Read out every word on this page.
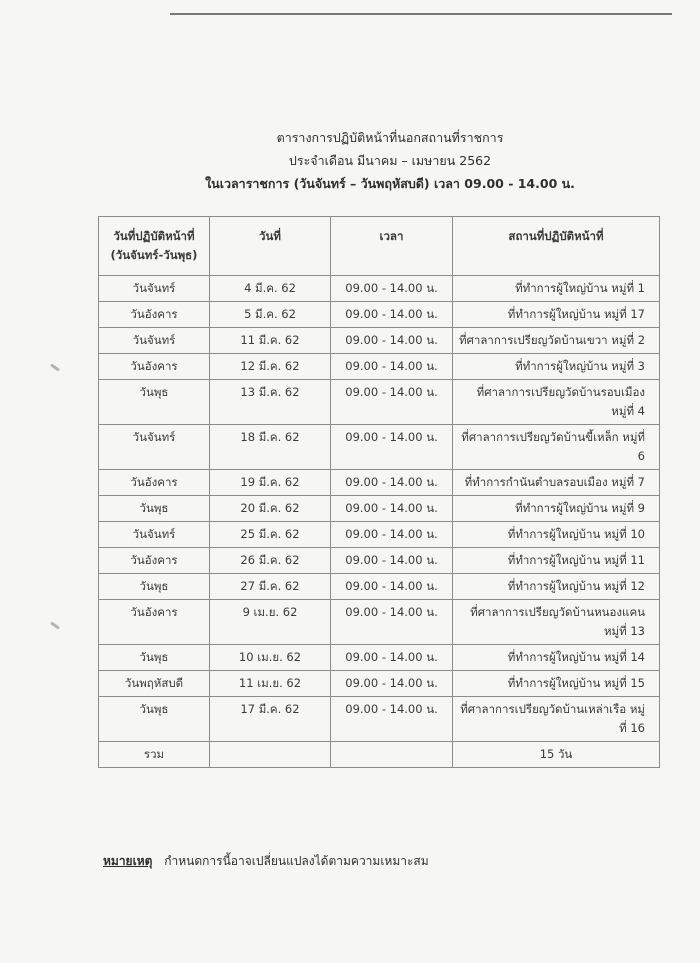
ตารางการปฏิบัติหน้าที่นอกสถานที่ราชการ
ประจำเดือน มีนาคม – เมษายน 2562
ในเวลาราชการ (วันจันทร์ – วันพฤหัสบดี) เวลา 09.00 - 14.00 น.
วันที่ปฏิบัติหน้าที่
(วันจันทร์-วันพุธ)	วันที่	เวลา	สถานที่ปฏิบัติหน้าที่
วันจันทร์	4 มี.ค. 62	09.00 - 14.00 น.	ที่ทำการผู้ใหญ่บ้าน หมู่ที่ 1
วันอังคาร	5 มี.ค. 62	09.00 - 14.00 น.	ที่ทำการผู้ใหญ่บ้าน หมู่ที่ 17
วันจันทร์	11 มี.ค. 62	09.00 - 14.00 น.	ที่ศาลาการเปรียญวัดบ้านเขวา หมู่ที่ 2
วันอังคาร	12 มี.ค. 62	09.00 - 14.00 น.	ที่ทำการผู้ใหญ่บ้าน หมู่ที่ 3
วันพุธ	13 มี.ค. 62	09.00 - 14.00 น.	ที่ศาลาการเปรียญวัดบ้านรอบเมือง หมู่ที่ 4
วันจันทร์	18 มี.ค. 62	09.00 - 14.00 น.	ที่ศาลาการเปรียญวัดบ้านขี้เหล็ก หมู่ที่ 6
วันอังคาร	19 มี.ค. 62	09.00 - 14.00 น.	ที่ทำการกำนันตำบลรอบเมือง หมู่ที่ 7
วันพุธ	20 มี.ค. 62	09.00 - 14.00 น.	ที่ทำการผู้ใหญ่บ้าน หมู่ที่ 9
วันจันทร์	25 มี.ค. 62	09.00 - 14.00 น.	ที่ทำการผู้ใหญ่บ้าน หมู่ที่ 10
วันอังคาร	26 มี.ค. 62	09.00 - 14.00 น.	ที่ทำการผู้ใหญ่บ้าน หมู่ที่ 11
วันพุธ	27 มี.ค. 62	09.00 - 14.00 น.	ที่ทำการผู้ใหญ่บ้าน หมู่ที่ 12
วันอังคาร	9 เม.ย. 62	09.00 - 14.00 น.	ที่ศาลาการเปรียญวัดบ้านหนองแคน หมู่ที่ 13
วันพุธ	10 เม.ย. 62	09.00 - 14.00 น.	ที่ทำการผู้ใหญ่บ้าน หมู่ที่ 14
วันพฤหัสบดี	11 เม.ย. 62	09.00 - 14.00 น.	ที่ทำการผู้ใหญ่บ้าน หมู่ที่ 15
วันพุธ	17 มี.ค. 62	09.00 - 14.00 น.	ที่ศาลาการเปรียญวัดบ้านเหล่าเรือ หมู่ที่ 16
รวม			15 วัน
หมายเหตุ กำหนดการนี้อาจเปลี่ยนแปลงได้ตามความเหมาะสม
